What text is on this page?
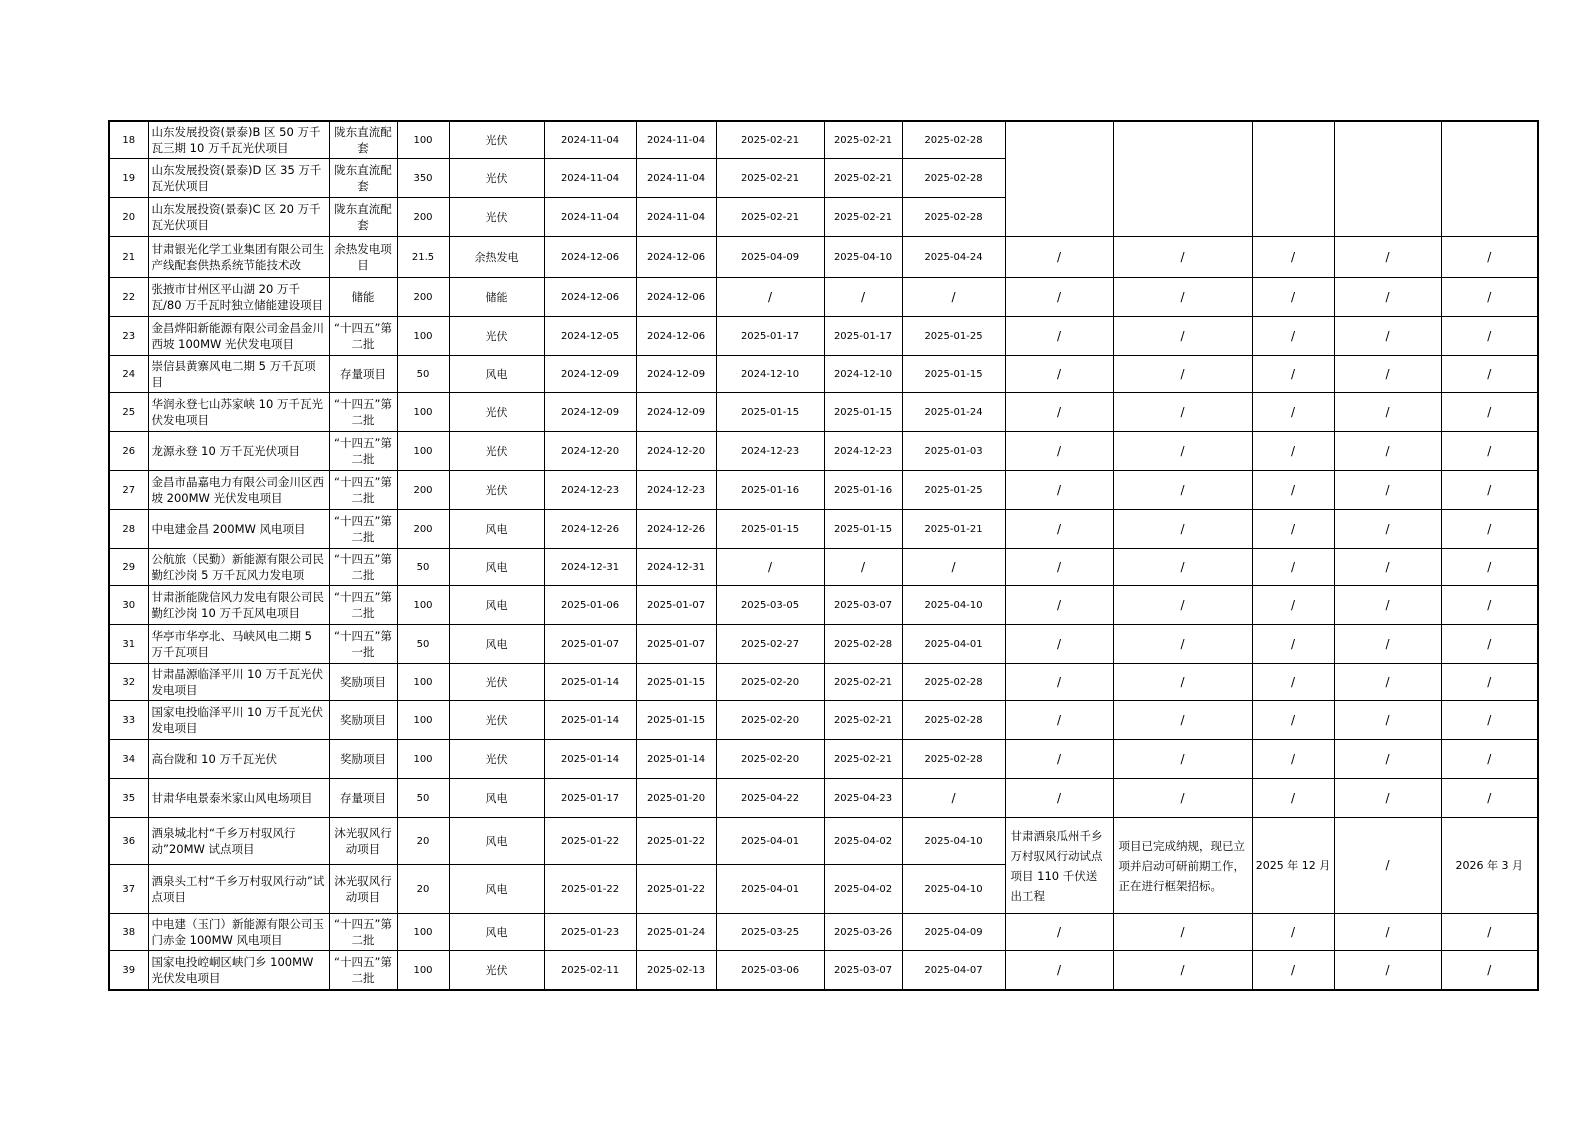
18	山东发展投资(景泰)B 区 50 万千瓦三期 10 万千瓦光伏项目	陇东直流配套	100	光伏	2024-11-04	2024-11-04	2025-02-21	2025-02-21	2025-02-28					
19	山东发展投资(景泰)D 区 35 万千瓦光伏项目	陇东直流配套	350	光伏	2024-11-04	2024-11-04	2025-02-21	2025-02-21	2025-02-28					
20	山东发展投资(景泰)C 区 20 万千瓦光伏项目	陇东直流配套	200	光伏	2024-11-04	2024-11-04	2025-02-21	2025-02-21	2025-02-28					
21	甘肃银光化学工业集团有限公司生产线配套供热系统节能技术改	余热发电项目	21.5	余热发电	2024-12-06	2024-12-06	2025-04-09	2025-04-10	2025-04-24	/	/	/	/	/
22	张掖市甘州区平山湖 20 万千瓦/80 万千瓦时独立储能建设项目	储能	200	储能	2024-12-06	2024-12-06	/	/	/	/	/	/	/	/
23	金昌烨阳新能源有限公司金昌金川西坡 100MW 光伏发电项目	“十四五”第二批	100	光伏	2024-12-05	2024-12-06	2025-01-17	2025-01-17	2025-01-25	/	/	/	/	/
24	崇信县黄寨风电二期 5 万千瓦项目	存量项目	50	风电	2024-12-09	2024-12-09	2024-12-10	2024-12-10	2025-01-15	/	/	/	/	/
25	华润永登七山苏家峡 10 万千瓦光伏发电项目	“十四五”第二批	100	光伏	2024-12-09	2024-12-09	2025-01-15	2025-01-15	2025-01-24	/	/	/	/	/
26	龙源永登 10 万千瓦光伏项目	“十四五”第二批	100	光伏	2024-12-20	2024-12-20	2024-12-23	2024-12-23	2025-01-03	/	/	/	/	/
27	金昌市晶嘉电力有限公司金川区西坡 200MW 光伏发电项目	“十四五”第二批	200	光伏	2024-12-23	2024-12-23	2025-01-16	2025-01-16	2025-01-25	/	/	/	/	/
28	中电建金昌 200MW 风电项目	“十四五”第二批	200	风电	2024-12-26	2024-12-26	2025-01-15	2025-01-15	2025-01-21	/	/	/	/	/
29	公航旅（民勤）新能源有限公司民勤红沙岗 5 万千瓦风力发电项	“十四五”第二批	50	风电	2024-12-31	2024-12-31	/	/	/	/	/	/	/	/
30	甘肃浙能陇信风力发电有限公司民勤红沙岗 10 万千瓦风电项目	“十四五”第二批	100	风电	2025-01-06	2025-01-07	2025-03-05	2025-03-07	2025-04-10	/	/	/	/	/
31	华亭市华亭北、马峡风电二期 5 万千瓦项目	“十四五”第一批	50	风电	2025-01-07	2025-01-07	2025-02-27	2025-02-28	2025-04-01	/	/	/	/	/
32	甘肃晶源临泽平川 10 万千瓦光伏发电项目	奖励项目	100	光伏	2025-01-14	2025-01-15	2025-02-20	2025-02-21	2025-02-28	/	/	/	/	/
33	国家电投临泽平川 10 万千瓦光伏发电项目	奖励项目	100	光伏	2025-01-14	2025-01-15	2025-02-20	2025-02-21	2025-02-28	/	/	/	/	/
34	高台陇和 10 万千瓦光伏	奖励项目	100	光伏	2025-01-14	2025-01-14	2025-02-20	2025-02-21	2025-02-28	/	/	/	/	/
35	甘肃华电景泰米家山风电场项目	存量项目	50	风电	2025-01-17	2025-01-20	2025-04-22	2025-04-23	/	/	/	/	/	/
36	酒泉城北村“千乡万村驭风行动”20MW 试点项目	沐光驭风行动项目	20	风电	2025-01-22	2025-01-22	2025-04-01	2025-04-02	2025-04-10	甘肃酒泉瓜州千乡万村驭风行动试点项目 110 千伏送出工程	项目已完成纳规，现已立项并启动可研前期工作，正在进行框架招标。	2025 年 12 月	/	2026 年 3 月
37	酒泉头工村“千乡万村驭风行动”试点项目	沐光驭风行动项目	20	风电	2025-01-22	2025-01-22	2025-04-01	2025-04-02	2025-04-10					
38	中电建（玉门）新能源有限公司玉门赤金 100MW 风电项目	“十四五”第二批	100	风电	2025-01-23	2025-01-24	2025-03-25	2025-03-26	2025-04-09	/	/	/	/	/
39	国家电投崆峒区峡门乡 100MW 光伏发电项目	“十四五”第二批	100	光伏	2025-02-11	2025-02-13	2025-03-06	2025-03-07	2025-04-07	/	/	/	/	/
